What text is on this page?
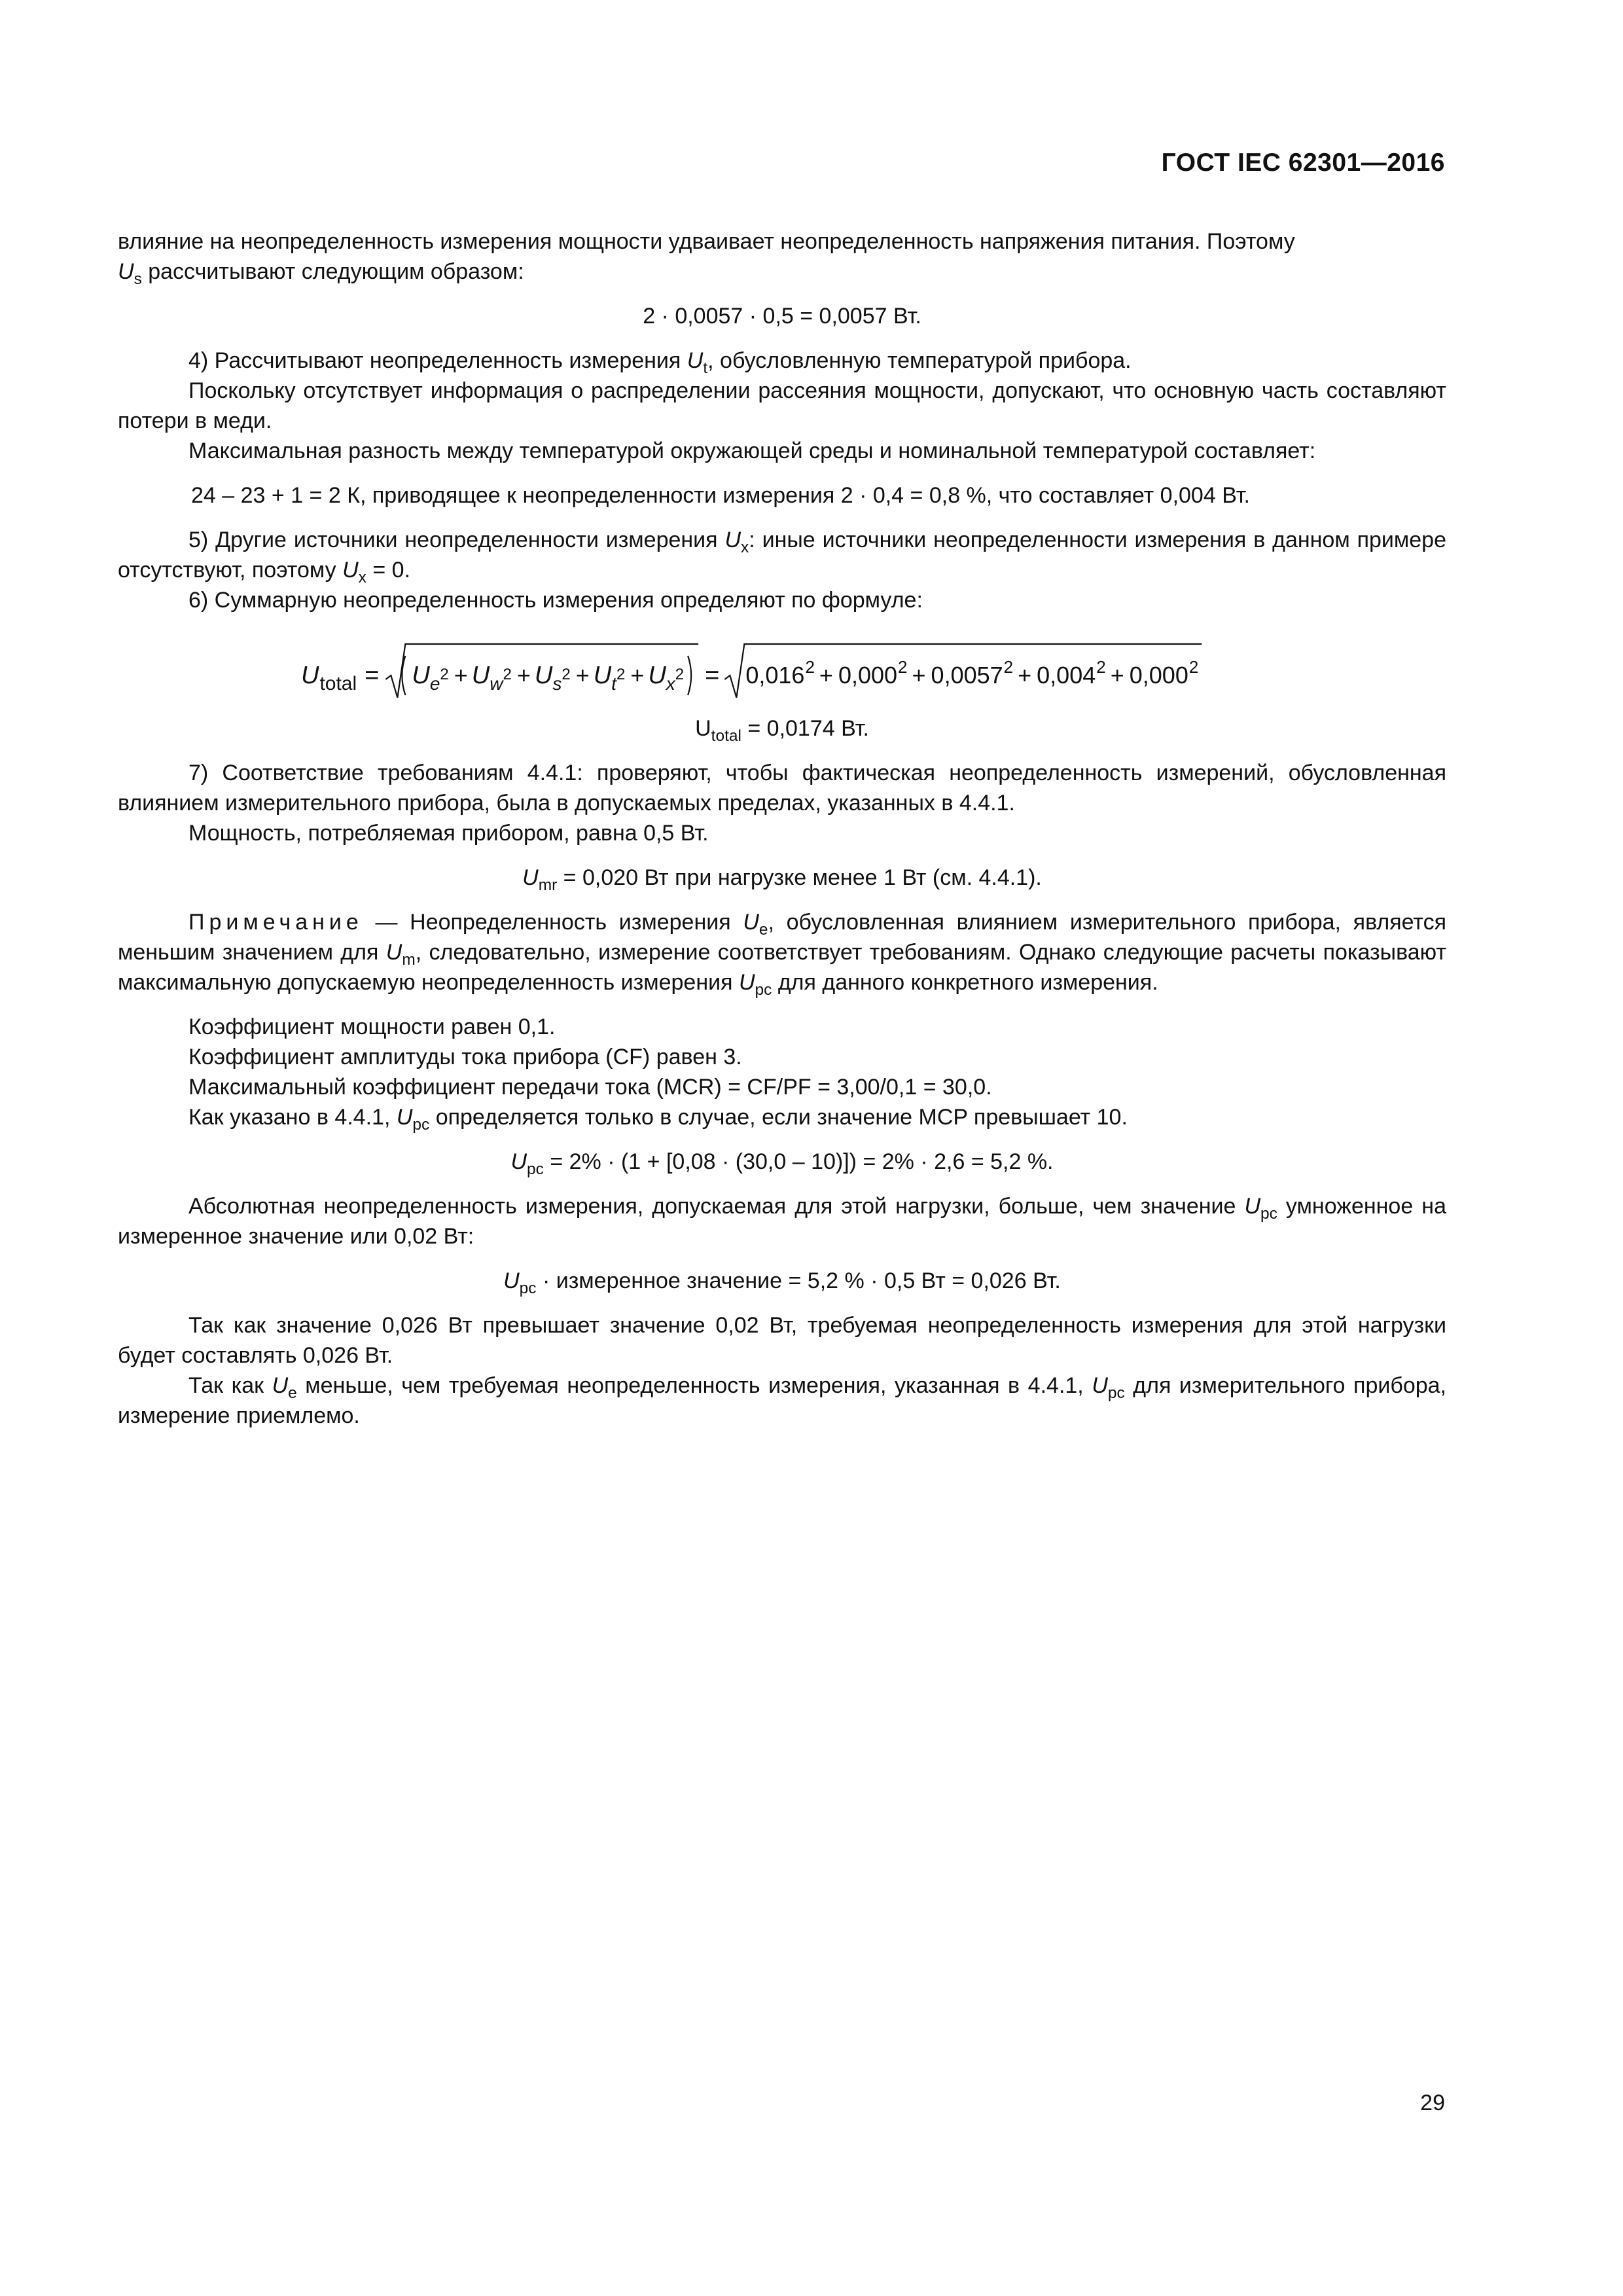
ГОСТ IEC 62301—2016

влияние на неопределенность измерения мощности удваивает неопределенность напряжения питания. Поэтому
$U_s$ рассчитывают следующим образом:

2 · 0,0057 · 0,5 = 0,0057 Вт.

4) Рассчитывают неопределенность измерения $U_t$, обусловленную температурой прибора.

Поскольку отсутствует информация о распределении рассеяния мощности, допускают, что основную часть составляют потери в меди.

Максимальная разность между температурой окружающей среды и номинальной температурой составляет:

24 – 23 + 1 = 2 К, приводящее к неопределенности измерения 2 · 0,4 = 0,8 %, что составляет 0,004 Вт.

5) Другие источники неопределенности измерения $U_x$: иные источники неопределенности измерения в данном примере отсутствуют, поэтому $U_x = 0$.

6) Суммарную неопределенность измерения определяют по формуле:

U total = U e 2 + U w 2 + U s 2 + U t 2 + U x 2 = 0,016 2 + 0,000 2 + 0,0057 2 + 0,004 2 + 0,000 2
$U_{total} = 0,0174$ Вт.

7) Соответствие требованиям 4.4.1: проверяют, чтобы фактическая неопределенность измерений, обусловленная влиянием измерительного прибора, была в допускаемых пределах, указанных в 4.4.1.

Мощность, потребляемая прибором, равна 0,5 Вт.

$U_{mr} = 0,020$ Вт при нагрузке менее 1 Вт (см. 4.4.1).

Примечание — Неопределенность измерения $U_e$, обусловленная влиянием измерительного прибора, является меньшим значением для $U_m$, следовательно, измерение соответствует требованиям. Однако следующие расчеты показывают максимальную допускаемую неопределенность измерения $U_{pc}$ для данного конкретного измерения.

Коэффициент мощности равен 0,1.

Коэффициент амплитуды тока прибора (CF) равен 3.

Максимальный коэффициент передачи тока (MCR) = CF/PF = 3,00/0,1 = 30,0.

Как указано в 4.4.1, $U_{pc}$ определяется только в случае, если значение MCP превышает 10.

$U_{pc} = 2\% \cdot (1 + [0,08 \cdot (30,0 - 10)]) = 2\% \cdot 2,6 = 5,2$ %.

Абсолютная неопределенность измерения, допускаемая для этой нагрузки, больше, чем значение $U_{pc}$ умноженное на измеренное значение или 0,02 Вт:

$U_{pc}$ · измеренное значение = 5,2 % · 0,5 Вт = 0,026 Вт.

Так как значение 0,026 Вт превышает значение 0,02 Вт, требуемая неопределенность измерения для этой нагрузки будет составлять 0,026 Вт.

Так как $U_e$ меньше, чем требуемая неопределенность измерения, указанная в 4.4.1, $U_{pc}$ для измерительного прибора, измерение приемлемо.

29
